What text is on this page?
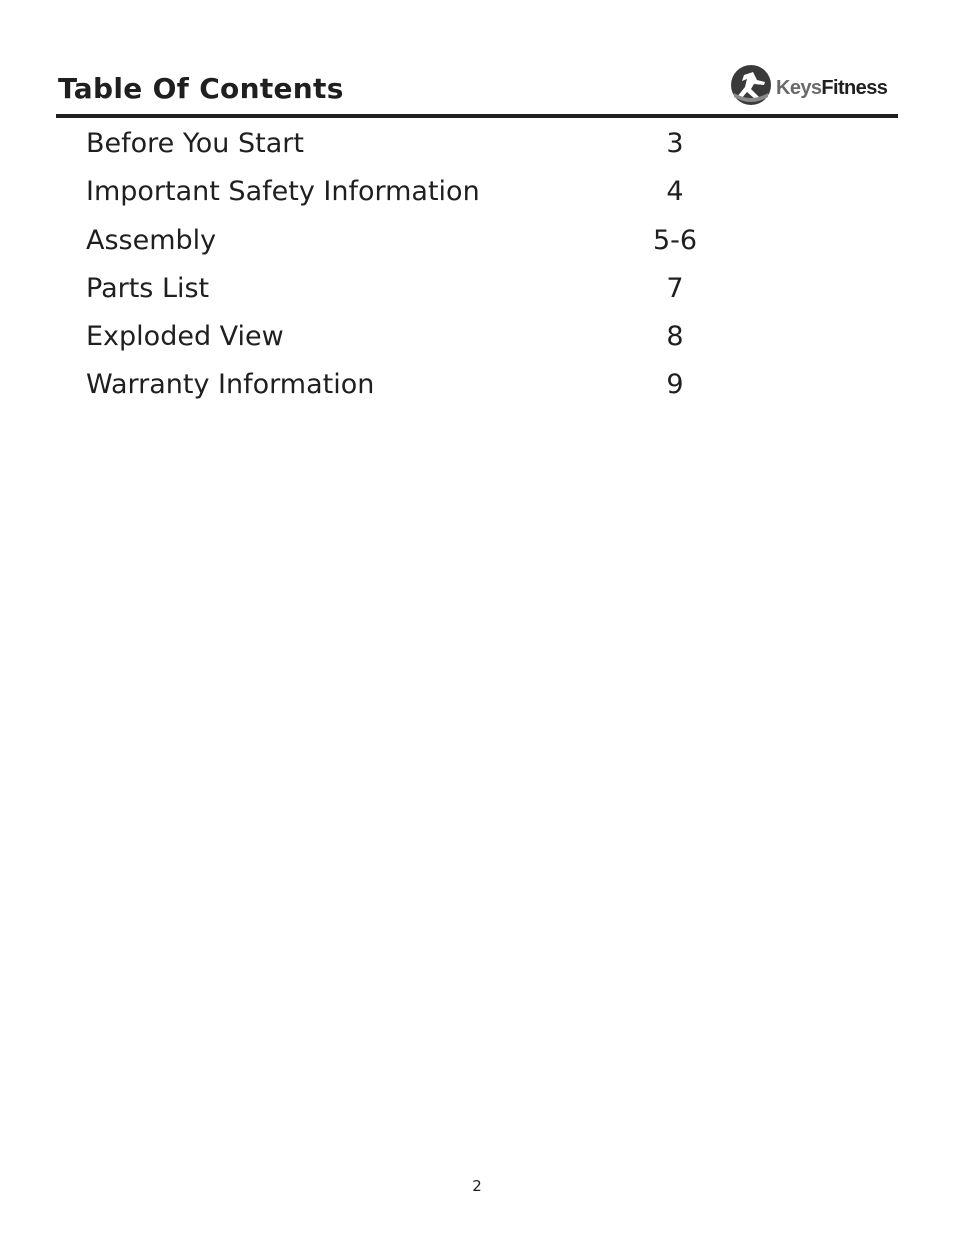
Table Of Contents	KeysFitness
Before You Start	3
Important Safety Information	4
Assembly	5-6
Parts List	7
Exploded View	8
Warranty Information	9
2
